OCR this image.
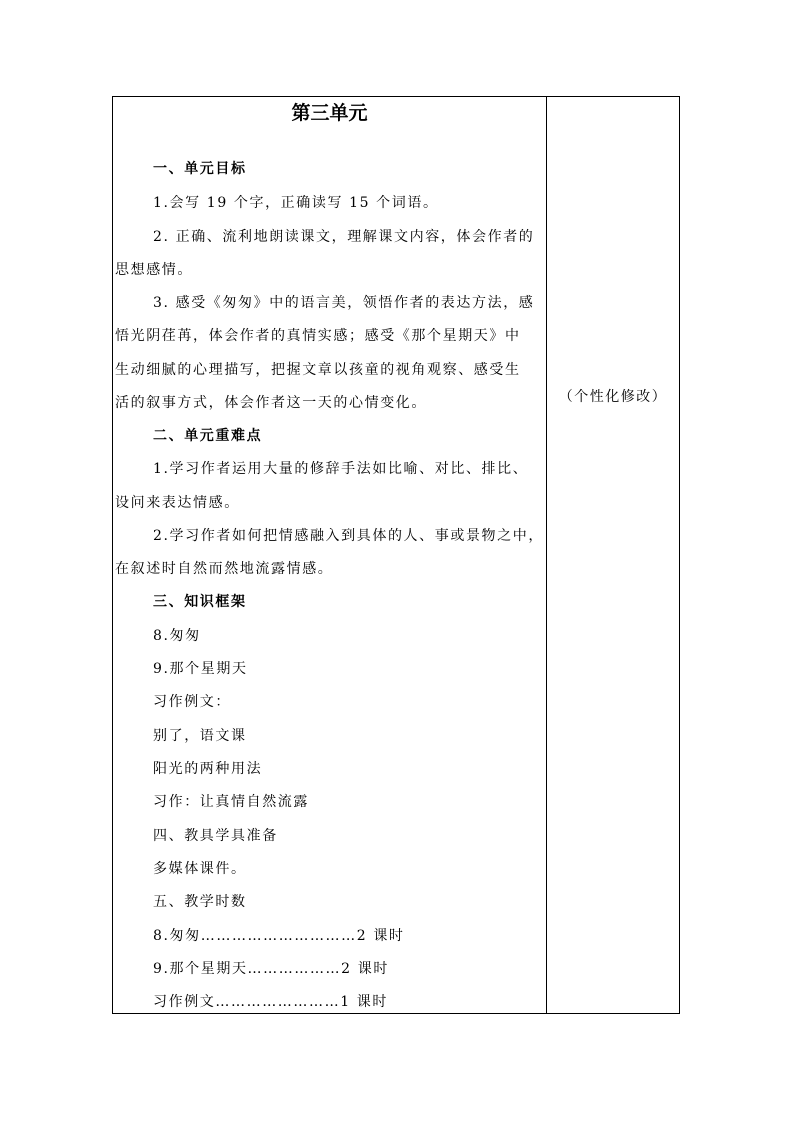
第三单元
一、单元目标
1.会写 19 个字，正确读写 15 个词语。
2. 正确、流利地朗读课文，理解课文内容，体会作者的
思想感情。
3. 感受《匆匆》中的语言美，领悟作者的表达方法，感
悟光阴荏苒，体会作者的真情实感；感受《那个星期天》中
生动细腻的心理描写，把握文章以孩童的视角观察、感受生
活的叙事方式，体会作者这一天的心情变化。
二、单元重难点
1.学习作者运用大量的修辞手法如比喻、对比、排比、
设问来表达情感。
2.学习作者如何把情感融入到具体的人、事或景物之中，
在叙述时自然而然地流露情感。
三、知识框架
8.匆匆
9.那个星期天
习作例文：
别了，语文课
阳光的两种用法
习作：让真情自然流露
四、教具学具准备
多媒体课件。
五、教学时数
8.匆匆…………………………2 课时
9.那个星期天………………2 课时
习作例文……………………1 课时
（个性化修改）
